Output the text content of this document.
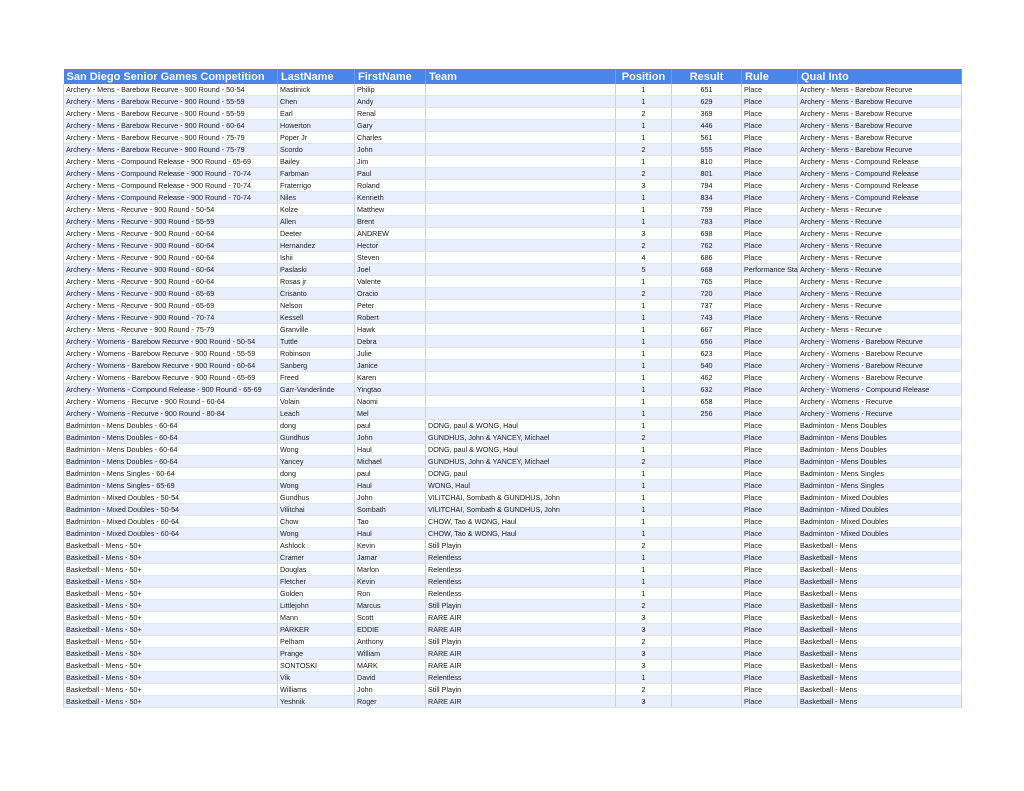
San Diego Senior Games Competition	LastName	FirstName	Team	Position	Result	Rule	Qual Into
Archery - Mens - Barebow Recurve - 900 Round - 50-54	Mastinick	Philip		1	651	Place	Archery - Mens - Barebow Recurve
Archery - Mens - Barebow Recurve - 900 Round - 55-59	Chen	Andy		1	629	Place	Archery - Mens - Barebow Recurve
Archery - Mens - Barebow Recurve - 900 Round - 55-59	Earl	Renal		2	369	Place	Archery - Mens - Barebow Recurve
Archery - Mens - Barebow Recurve - 900 Round - 60-64	Howerton	Gary		1	446	Place	Archery - Mens - Barebow Recurve
Archery - Mens - Barebow Recurve - 900 Round - 75-79	Poper Jr	Charles		1	561	Place	Archery - Mens - Barebow Recurve
Archery - Mens - Barebow Recurve - 900 Round - 75-79	Scordo	John		2	555	Place	Archery - Mens - Barebow Recurve
Archery - Mens - Compound Release - 900 Round - 65-69	Bailey	Jim		1	810	Place	Archery - Mens - Compound Release
Archery - Mens - Compound Release - 900 Round - 70-74	Farbman	Paul		2	801	Place	Archery - Mens - Compound Release
Archery - Mens - Compound Release - 900 Round - 70-74	Fraterrigo	Roland		3	794	Place	Archery - Mens - Compound Release
Archery - Mens - Compound Release - 900 Round - 70-74	Niles	Kenneth		1	834	Place	Archery - Mens - Compound Release
Archery - Mens - Recurve - 900 Round - 50-54	Kolze	Matthew		1	759	Place	Archery - Mens - Recurve
Archery - Mens - Recurve - 900 Round - 55-59	Allen	Brent		1	783	Place	Archery - Mens - Recurve
Archery - Mens - Recurve - 900 Round - 60-64	Deeter	ANDREW		3	698	Place	Archery - Mens - Recurve
Archery - Mens - Recurve - 900 Round - 60-64	Hernandez	Hector		2	762	Place	Archery - Mens - Recurve
Archery - Mens - Recurve - 900 Round - 60-64	Ishii	Steven		4	686	Place	Archery - Mens - Recurve
Archery - Mens - Recurve - 900 Round - 60-64	Paslaski	Joel		5	668	Performance Sta	Archery - Mens - Recurve
Archery - Mens - Recurve - 900 Round - 60-64	Rosas jr	Valente		1	765	Place	Archery - Mens - Recurve
Archery - Mens - Recurve - 900 Round - 65-69	Crisanto	Oracio		2	720	Place	Archery - Mens - Recurve
Archery - Mens - Recurve - 900 Round - 65-69	Nelson	Peter		1	737	Place	Archery - Mens - Recurve
Archery - Mens - Recurve - 900 Round - 70-74	Kessell	Robert		1	743	Place	Archery - Mens - Recurve
Archery - Mens - Recurve - 900 Round - 75-79	Granville	Hawk		1	667	Place	Archery - Mens - Recurve
Archery - Womens - Barebow Recurve - 900 Round - 50-54	Tuttle	Debra		1	656	Place	Archery - Womens - Barebow Recurve
Archery - Womens - Barebow Recurve - 900 Round - 55-59	Robinson	Julie		1	623	Place	Archery - Womens - Barebow Recurve
Archery - Womens - Barebow Recurve - 900 Round - 60-64	Sanberg	Janice		1	540	Place	Archery - Womens - Barebow Recurve
Archery - Womens - Barebow Recurve - 900 Round - 65-69	Freed	Karen		1	462	Place	Archery - Womens - Barebow Recurve
Archery - Womens - Compound Release - 900 Round - 65-69	Garr-Vanderlinde	Yingtao		1	632	Place	Archery - Womens - Compound Release
Archery - Womens - Recurve - 900 Round - 60-64	Volain	Naomi		1	658	Place	Archery - Womens - Recurve
Archery - Womens - Recurve - 900 Round - 80-84	Leach	Mel		1	256	Place	Archery - Womens - Recurve
Badminton - Mens Doubles - 60-64	dong	paul	DONG, paul & WONG, Haul	1		Place	Badminton - Mens Doubles
Badminton - Mens Doubles - 60-64	Gundhus	John	GUNDHUS, John & YANCEY, Michael	2		Place	Badminton - Mens Doubles
Badminton - Mens Doubles - 60-64	Wong	Haul	DONG, paul & WONG, Haul	1		Place	Badminton - Mens Doubles
Badminton - Mens Doubles - 60-64	Yancey	Michael	GUNDHUS, John & YANCEY, Michael	2		Place	Badminton - Mens Doubles
Badminton - Mens Singles - 60-64	dong	paul	DONG, paul	1		Place	Badminton - Mens Singles
Badminton - Mens Singles - 65-69	Wong	Haul	WONG, Haul	1		Place	Badminton - Mens Singles
Badminton - Mixed Doubles - 50-54	Gundhus	John	VILITCHAI, Sombath & GUNDHUS, John	1		Place	Badminton - Mixed Doubles
Badminton - Mixed Doubles - 50-54	Vilitchai	Sombath	VILITCHAI, Sombath & GUNDHUS, John	1		Place	Badminton - Mixed Doubles
Badminton - Mixed Doubles - 60-64	Chow	Tao	CHOW, Tao & WONG, Haul	1		Place	Badminton - Mixed Doubles
Badminton - Mixed Doubles - 60-64	Wong	Haul	CHOW, Tao & WONG, Haul	1		Place	Badminton - Mixed Doubles
Basketball - Mens - 50+	Ashlock	Kevin	Still Playin	2		Place	Basketball - Mens
Basketball - Mens - 50+	Cramer	Jamar	Relentless	1		Place	Basketball - Mens
Basketball - Mens - 50+	Douglas	Marlon	Relentless	1		Place	Basketball - Mens
Basketball - Mens - 50+	Fletcher	Kevin	Relentless	1		Place	Basketball - Mens
Basketball - Mens - 50+	Golden	Ron	Relentless	1		Place	Basketball - Mens
Basketball - Mens - 50+	Littlejohn	Marcus	Still Playin	2		Place	Basketball - Mens
Basketball - Mens - 50+	Mann	Scott	RARE AIR	3		Place	Basketball - Mens
Basketball - Mens - 50+	PARKER	EDDIE	RARE AIR	3		Place	Basketball - Mens
Basketball - Mens - 50+	Pelham	Anthony	Still Playin	2		Place	Basketball - Mens
Basketball - Mens - 50+	Prange	William	RARE AIR	3		Place	Basketball - Mens
Basketball - Mens - 50+	SONTOSKI	MARK	RARE AIR	3		Place	Basketball - Mens
Basketball - Mens - 50+	Vik	David	Relentless	1		Place	Basketball - Mens
Basketball - Mens - 50+	Williams	John	Still Playin	2		Place	Basketball - Mens
Basketball - Mens - 50+	Yeshnik	Roger	RARE AIR	3		Place	Basketball - Mens
